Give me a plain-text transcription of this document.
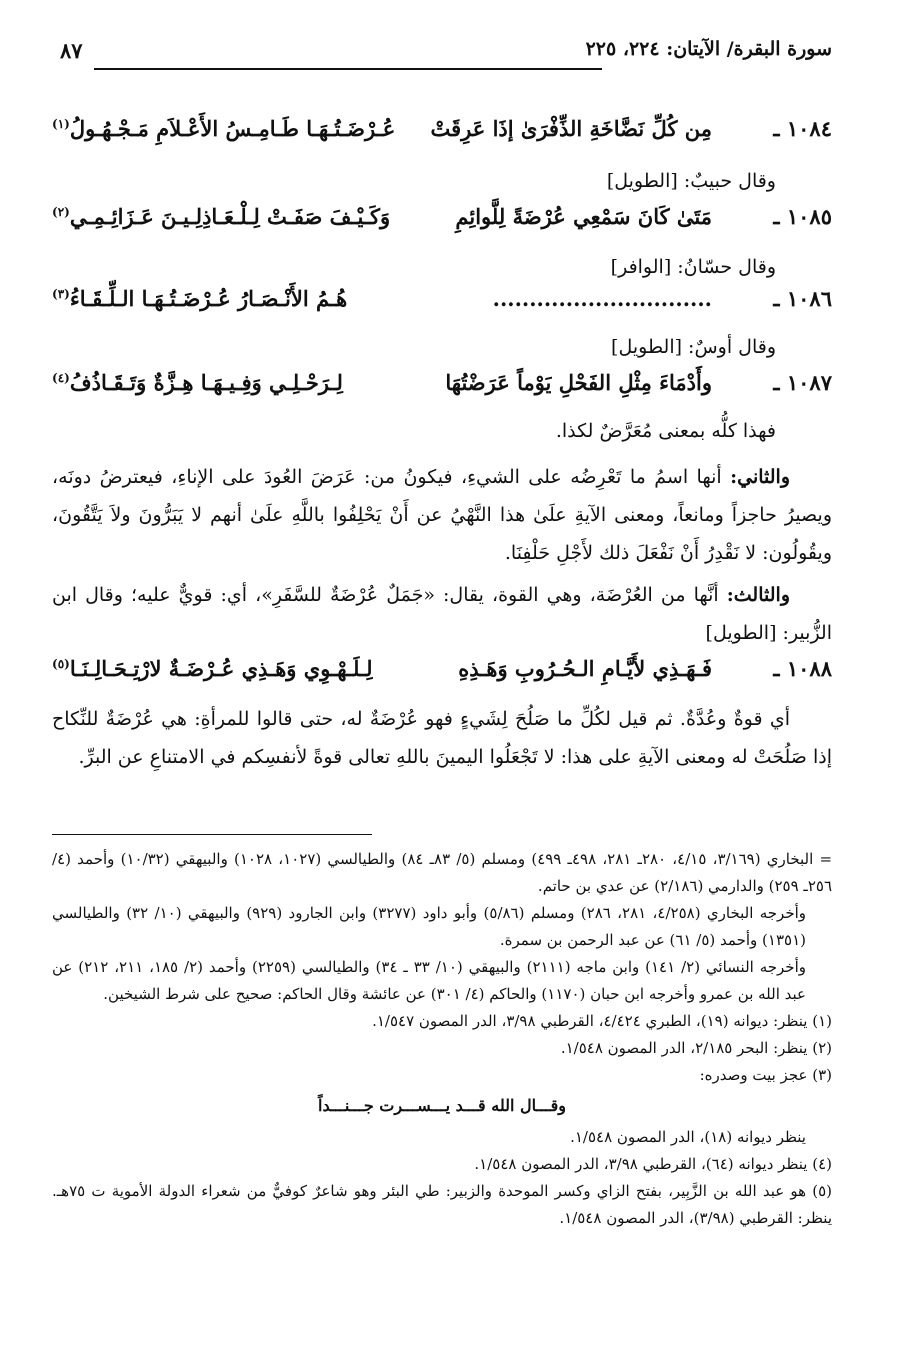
سورة البقرة/ الآيتان: ٢٢٤، ٢٢٥
٨٧
١٠٨٤ ـ
مِن كُلِّ نَضَّاخَةِ الذِّفْرَىٰ إذَا عَرِقَتْ
عُـرْضَـتُـهَـا طَـامِـسُ الأَعْـلاَمِ مَـجْـهُـولُ$^{(١)}$
وقال حبيبٌ: [الطويل]
١٠٨٥ ـ
مَتَىٰ كَانَ سَمْعِي عُرْضَةً لِلَّوائِمِ
وَكَـيْـفَ صَفَـتْ لِـلْـعَـاذِلِـيـنَ عَـزَائِـمِـي$^{(٢)}$
وقال حسّانُ: [الوافر]
١٠٨٦ ـ
..............................
هُـمُ الأَنْـصَـارُ عُـرْضَـتُـهَـا الـلِّـقَـاءُ$^{(٣)}$
وقال أوسٌ: [الطويل]
١٠٨٧ ـ
وأَدْمَاءَ مِثْلِ الفَحْلِ يَوْماً عَرَضْتُهَا
لِـرَحْـلِـي وَفِـيـهَـا هِـزَّةٌ وَتَـقَـاذُفُ$^{(٤)}$
فهذا كلُّه بمعنى مُعَرَّضٌ لكذا.
والثاني: أنها اسمُ ما تَعْرِضُه على الشيءِ، فيكونُ من: عَرَضَ العُودَ على الإناءِ، فيعترضُ دونَه، ويصيرُ حاجزاً ومانعاً، ومعنى الآيةِ علَىٰ هذا النَّهْيُ عن أَنْ يَحْلِفُوا باللَّهِ علَىٰ أنهم لا يَبَرُّونَ ولاَ يَتَّقُونَ، ويقُولُون: لا نَقْدِرُ أَنْ نَفْعَلَ ذلك لأَجْلِ حَلْفِنَا.
والثالث: أنَّها من العُرْضَة، وهي القوة، يقال: «جَمَلٌ عُرْضَةٌ للسَّفَرِ»، أي: قويٌّ عليه؛ وقال ابن الزُّبير: [الطويل]
١٠٨٨ ـ
فَـهَـذِي لأَيَّـامِ الـحُـرُوبِ وَهَـذِهِ
لِـلَـهْـوِي وَهَـذِي عُـرْضَـةٌ لارْتِـحَـالِـنَـا$^{(٥)}$
أي قوةٌ وعُدَّةٌ. ثم قيل لكُلِّ ما صَلُحَ لِشَيءٍ فهو عُرْضَةٌ له، حتى قالوا للمرأةِ: هي عُرْضَةٌ للنِّكاح إذا صَلُحَتْ له ومعنى الآيةِ على هذا: لا تَجْعَلُوا اليمينَ باللهِ تعالى قوةً لأنفسِكم في الامتناعِ عن البرِّ.
= البخاري (٣/١٦٩، ٤/١٥، ٢٨٠ـ ٢٨١، ٤٩٨ـ ٤٩٩) ومسلم (٥/ ٨٣ـ ٨٤) والطيالسي (١٠٢٧، ١٠٢٨) والبيهقي (١٠/٣٢) وأحمد (٤/ ٢٥٦ـ ٢٥٩) والدارمي (٢/١٨٦) عن عدي بن حاتم.
وأخرجه البخاري (٤/٢٥٨، ٢٨١، ٢٨٦) ومسلم (٥/٨٦) وأبو داود (٣٢٧٧) وابن الجارود (٩٢٩) والبيهقي (١٠/ ٣٢) والطيالسي (١٣٥١) وأحمد (٥/ ٦١) عن عبد الرحمن بن سمرة.
وأخرجه النسائي (٢/ ١٤١) وابن ماجه (٢١١١) والبيهقي (١٠/ ٣٣ ـ ٣٤) والطيالسي (٢٢٥٩) وأحمد (٢/ ١٨٥، ٢١١، ٢١٢) عن عبد الله بن عمرو وأخرجه ابن حبان (١١٧٠) والحاكم (٤/ ٣٠١) عن عائشة وقال الحاكم: صحيح على شرط الشيخين.
(١) ينظر: ديوانه (١٩)، الطبري ٤/٤٢٤، القرطبي ٣/٩٨، الدر المصون ١/٥٤٧.
(٢) ينظر: البحر ٢/١٨٥، الدر المصون ١/٥٤٨.
(٣) عجز بيت وصدره:
وقـــال الله قـــد يـــســـرت جـــنـــداً
ينظر ديوانه (١٨)، الدر المصون ١/٥٤٨.
(٤) ينظر ديوانه (٦٤)، القرطبي ٣/٩٨، الدر المصون ١/٥٤٨.
(٥) هو عبد الله بن الزَّبِير، بفتح الزاي وكسر الموحدة والزبير: طي البئر وهو شاعرٌ كوفيٌّ من شعراء الدولة الأموية ت ٧٥هـ. ينظر: القرطبي (٣/٩٨)، الدر المصون ١/٥٤٨.
